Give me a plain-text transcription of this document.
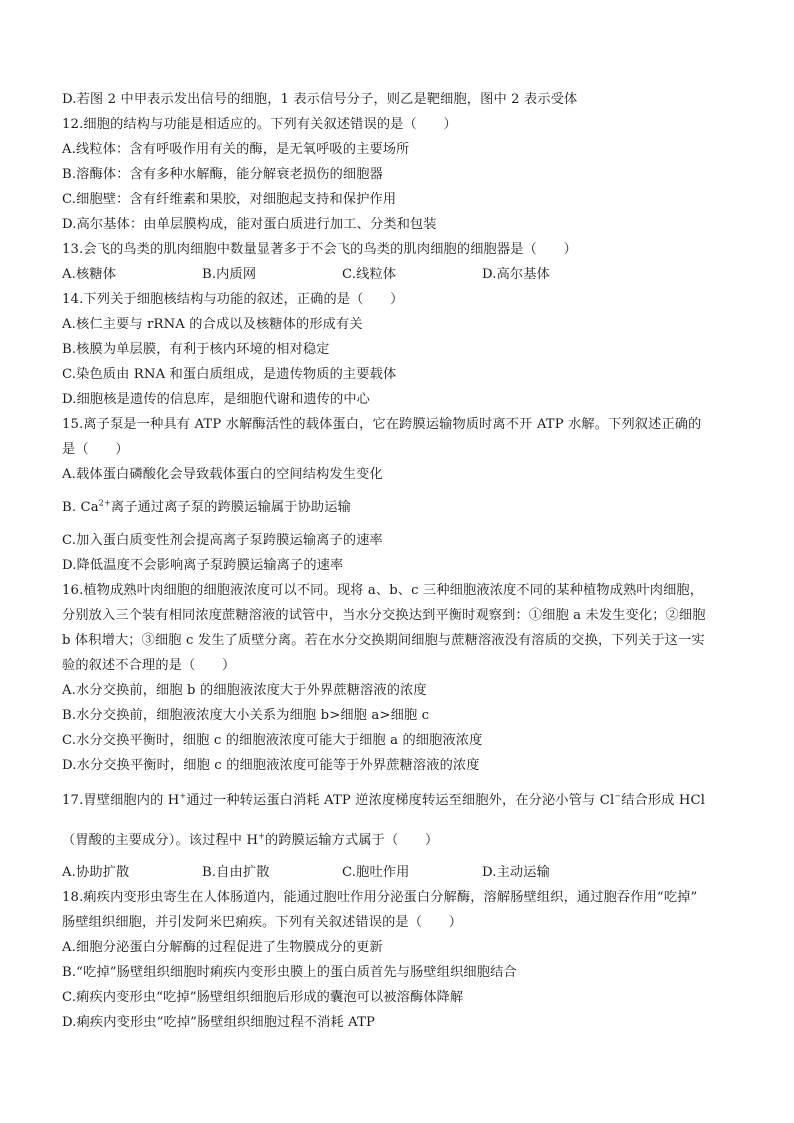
D.若图 2 中甲表示发出信号的细胞，1 表示信号分子，则乙是靶细胞，图中 2 表示受体
12.细胞的结构与功能是相适应的。下列有关叙述错误的是（　　）
A.线粒体：含有呼吸作用有关的酶，是无氧呼吸的主要场所
B.溶酶体：含有多种水解酶，能分解衰老损伤的细胞器
C.细胞壁：含有纤维素和果胶，对细胞起支持和保护作用
D.高尔基体：由单层膜构成，能对蛋白质进行加工、分类和包装
13.会飞的鸟类的肌肉细胞中数量显著多于不会飞的鸟类的肌肉细胞的细胞器是（　　）
A.核糖体	B.内质网	C.线粒体	D.高尔基体
14.下列关于细胞核结构与功能的叙述，正确的是（　　）
A.核仁主要与 rRNA 的合成以及核糖体的形成有关
B.核膜为单层膜，有利于核内环境的相对稳定
C.染色质由 RNA 和蛋白质组成，是遗传物质的主要载体
D.细胞核是遗传的信息库，是细胞代谢和遗传的中心
15.离子泵是一种具有 ATP 水解酶活性的载体蛋白，它在跨膜运输物质时离不开 ATP 水解。下列叙述正确的
是（　　）
A.载体蛋白磷酸化会导致载体蛋白的空间结构发生变化
B. $Ca^{2+}$离子通过离子泵的跨膜运输属于协助运输
C.加入蛋白质变性剂会提高离子泵跨膜运输离子的速率
D.降低温度不会影响离子泵跨膜运输离子的速率
16.植物成熟叶肉细胞的细胞液浓度可以不同。现将 a、b、c 三种细胞液浓度不同的某种植物成熟叶肉细胞，
分别放入三个装有相同浓度蔗糖溶液的试管中，当水分交换达到平衡时观察到：①细胞 a 未发生变化；②细胞
b 体积增大；③细胞 c 发生了质壁分离。若在水分交换期间细胞与蔗糖溶液没有溶质的交换，下列关于这一实
验的叙述不合理的是（　　）
A.水分交换前，细胞 b 的细胞液浓度大于外界蔗糖溶液的浓度
B.水分交换前，细胞液浓度大小关系为细胞 b>细胞 a>细胞 c
C.水分交换平衡时，细胞 c 的细胞液浓度可能大于细胞 a 的细胞液浓度
D.水分交换平衡时，细胞 c 的细胞液浓度可能等于外界蔗糖溶液的浓度
17.胃壁细胞内的 H+通过一种转运蛋白消耗 ATP 逆浓度梯度转运至细胞外，在分泌小管与 Cl−结合形成 HCl
（胃酸的主要成分）。该过程中 H+的跨膜运输方式属于（　　）
A.协助扩散	B.自由扩散	C.胞吐作用	D.主动运输
18.痢疾内变形虫寄生在人体肠道内，能通过胞吐作用分泌蛋白分解酶，溶解肠壁组织，通过胞吞作用“吃掉”
肠壁组织细胞，并引发阿米巴痢疾。下列有关叙述错误的是（　　）
A.细胞分泌蛋白分解酶的过程促进了生物膜成分的更新
B.“吃掉”肠壁组织细胞时痢疾内变形虫膜上的蛋白质首先与肠壁组织细胞结合
C.痢疾内变形虫“吃掉”肠壁组织细胞后形成的囊泡可以被溶酶体降解
D.痢疾内变形虫“吃掉”肠壁组织细胞过程不消耗 ATP
